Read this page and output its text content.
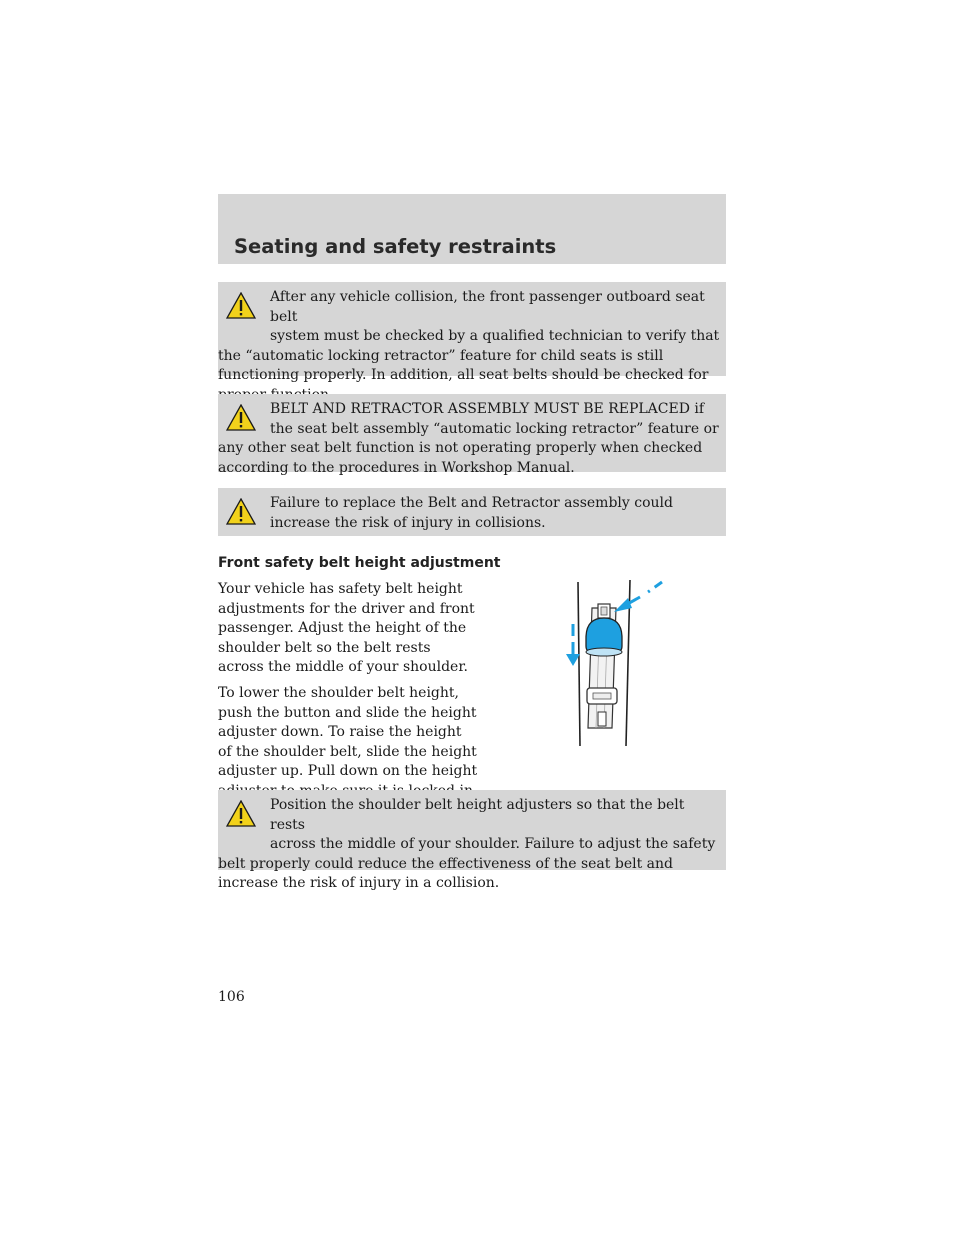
Seating and safety restraints

After any vehicle collision, the front passenger outboard seat belt

system must be checked by a qualified technician to verify that

the “automatic locking retractor” feature for child seats is still

functioning properly. In addition, all seat belts should be checked for

BELT AND RETRACTOR ASSEMBLY MUST BE REPLACED if

the seat belt assembly “automatic locking retractor” feature or

any other seat belt function is not operating properly when checked

according to the procedures in Workshop Manual.

Failure to replace the Belt and Retractor assembly could

increase the risk of injury in collisions.

Front safety belt height adjustment
Your vehicle has safety belt height
adjustments for the driver and front
passenger. Adjust the height of the
shoulder belt so the belt rests
across the middle of your shoulder.
To lower the shoulder belt height,
push the button and slide the height
adjuster down. To raise the height
of the shoulder belt, slide the height
adjuster up. Pull down on the height

Position the shoulder belt height adjusters so that the belt rests

across the middle of your shoulder. Failure to adjust the safety

belt properly could reduce the effectiveness of the seat belt and

increase the risk of injury in a collision.

106
